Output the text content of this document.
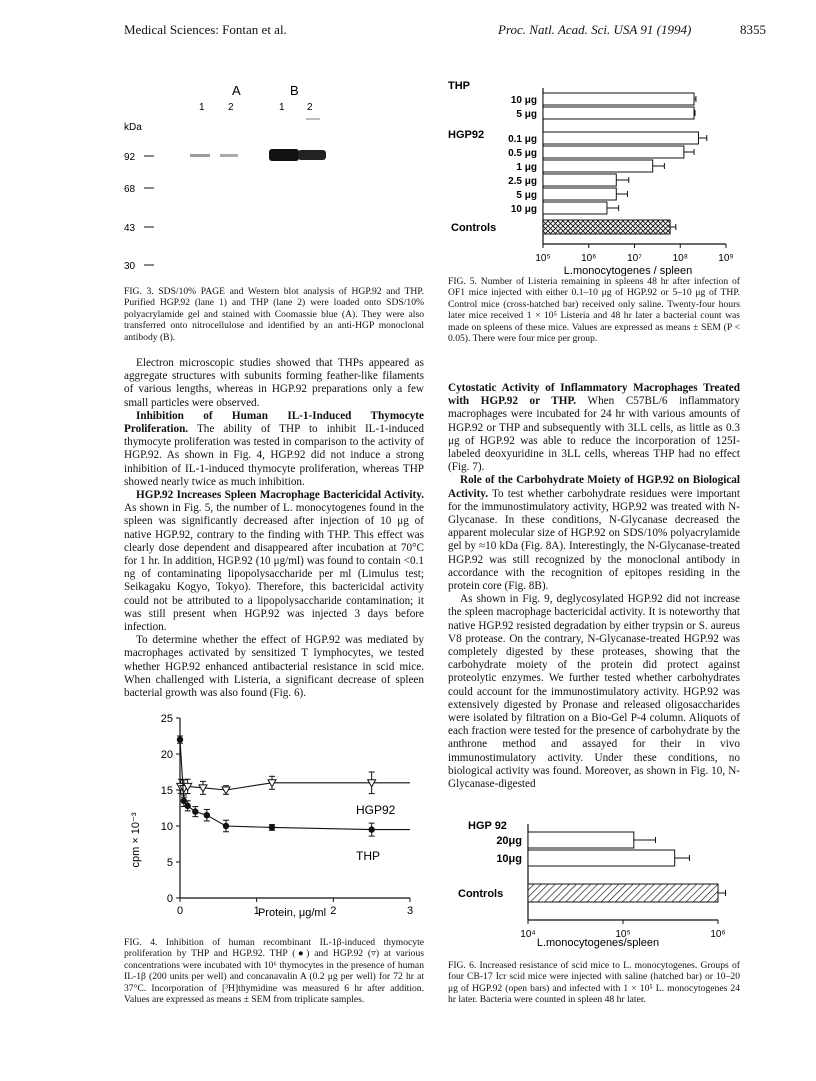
Medical Sciences: Fontan et al.	Proc. Natl. Acad. Sci. USA 91 (1994)	8355
A	B
1 2	1 2
kDa
92
68
43
30

FIG. 3. SDS/10% PAGE and Western blot analysis of HGP.92 and THP. Purified HGP.92 (lane 1) and THP (lane 2) were loaded onto SDS/10% polyacrylamide gel and stained with Coomassie blue (A). They were also transferred onto nitrocellulose and identified by an anti-HGP monoclonal antibody (B).

Electron microscopic studies showed that THPs appeared as aggregate structures with subunits forming feather-like filaments of various lengths, whereas in HGP.92 preparations only a few small particles were observed.

Inhibition of Human IL-1-Induced Thymocyte Proliferation. The ability of THP to inhibit IL-1-induced thymocyte proliferation was tested in comparison to the activity of HGP.92. As shown in Fig. 4, HGP.92 did not induce a strong inhibition of IL-1-induced thymocyte proliferation, whereas THP showed nearly twice as much inhibition.

HGP.92 Increases Spleen Macrophage Bactericidal Activity. As shown in Fig. 5, the number of L. monocytogenes found in the spleen was significantly decreased after injection of 10 μg of native HGP.92, contrary to the finding with THP. This effect was clearly dose dependent and disappeared after incubation at 70°C for 1 hr. In addition, HGP.92 (10 μg/ml) was found to contain <0.1 ng of contaminating lipopolysaccharide per ml (Limulus test; Seikagaku Kogyo, Tokyo). Therefore, this bactericidal activity could not be attributed to a lipopolysaccharide contamination; it was still present when HGP.92 was injected 3 days before infection.

To determine whether the effect of HGP.92 was mediated by macrophages activated by sensitized T lymphocytes, we tested whether HGP.92 enhanced antibacterial resistance in scid mice. When challenged with Listeria, a significant decrease of spleen bacterial growth was also found (Fig. 6).

0
5
10
15
20
25
0	1	2	3
HGP92
THP
cpm × 10⁻³
Protein, μg/ml

FIG. 4. Inhibition of human recombinant IL-1β-induced thymocyte proliferation by THP and HGP.92. THP (●) and HGP.92 (▿) at various concentrations were incubated with 10⁶ thymocytes in the presence of human IL-1β (200 units per well) and concanavalin A (0.2 μg per well) for 72 hr at 37°C. Incorporation of [³H]thymidine was measured 6 hr after addition. Values are expressed as means ± SEM from triplicate samples.

THP
HGP92
Controls
10⁵	10⁶	10⁷	10⁸	10⁹
10 μg
5 μg
0.1 μg
0.5 μg
1 μg
2.5 μg
5 μg
10 μg
L.monocytogenes / spleen

FIG. 5. Number of Listeria remaining in spleens 48 hr after infection of OF1 mice injected with either 0.1–10 μg of HGP.92 or 5–10 μg of THP. Control mice (cross-hatched bar) received only saline. Twenty-four hours later mice received 1 × 10⁵ Listeria and 48 hr later a bacterial count was made on spleens of these mice. Values are expressed as means ± SEM (P < 0.05). There were four mice per group.

Cytostatic Activity of Inflammatory Macrophages Treated with HGP.92 or THP. When C57BL/6 inflammatory macrophages were incubated for 24 hr with various amounts of HGP.92 or THP and subsequently with 3LL cells, as little as 0.3 μg of HGP.92 was able to reduce the incorporation of 125I-labeled deoxyuridine in 3LL cells, whereas THP had no effect (Fig. 7).

Role of the Carbohydrate Moiety of HGP.92 on Biological Activity. To test whether carbohydrate residues were important for the immunostimulatory activity, HGP.92 was treated with N-Glycanase. In these conditions, N-Glycanase decreased the apparent molecular size of HGP.92 on SDS/10% polyacrylamide gel by ≈10 kDa (Fig. 8A). Interestingly, the N-Glycanase-treated HGP.92 was still recognized by the monoclonal antibody in accordance with the recognition of epitopes residing in the protein core (Fig. 8B).

As shown in Fig. 9, deglycosylated HGP.92 did not increase the spleen macrophage bactericidal activity. It is noteworthy that native HGP.92 resisted degradation by either trypsin or S. aureus V8 protease. On the contrary, N-Glycanase-treated HGP.92 was completely digested by these proteases, showing that the carbohydrate moiety of the protein did protect against proteolytic enzymes. We further tested whether carbohydrates could account for the immunostimulatory activity. HGP.92 was extensively digested by Pronase and released oligosaccharides were isolated by filtration on a Bio-Gel P-4 column. Aliquots of each fraction were tested for the presence of carbohydrate by the anthrone method and assayed for their in vivo immunostimulatory activity. Under these conditions, no biological activity was found. Moreover, as shown in Fig. 10, N-Glycanase-digested

HGP 92
Controls
10⁴	10⁵	10⁶
20μg
10μg
L.monocytogenes/spleen

FIG. 6. Increased resistance of scid mice to L. monocytogenes. Groups of four CB-17 Icr scid mice were injected with saline (hatched bar) or 10–20 μg of HGP.92 (open bars) and infected with 1 × 10⁵ L. monocytogenes 24 hr later. Bacteria were counted in spleen 48 hr later.
